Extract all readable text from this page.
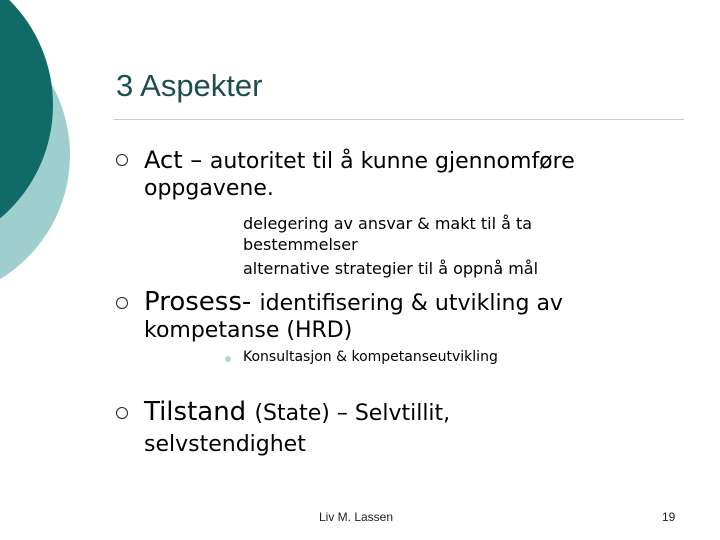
3 Aspekter
Act – autoritet til å kunne gjennomføre
oppgavene.
delegering av ansvar & makt til å ta
bestemmelser
alternative strategier til å oppnå mål
Prosess- identifisering & utvikling av
kompetanse (HRD)
Konsultasjon & kompetanseutvikling
Tilstand (State) – Selvtillit,
selvstendighet
Liv M. Lassen	19
